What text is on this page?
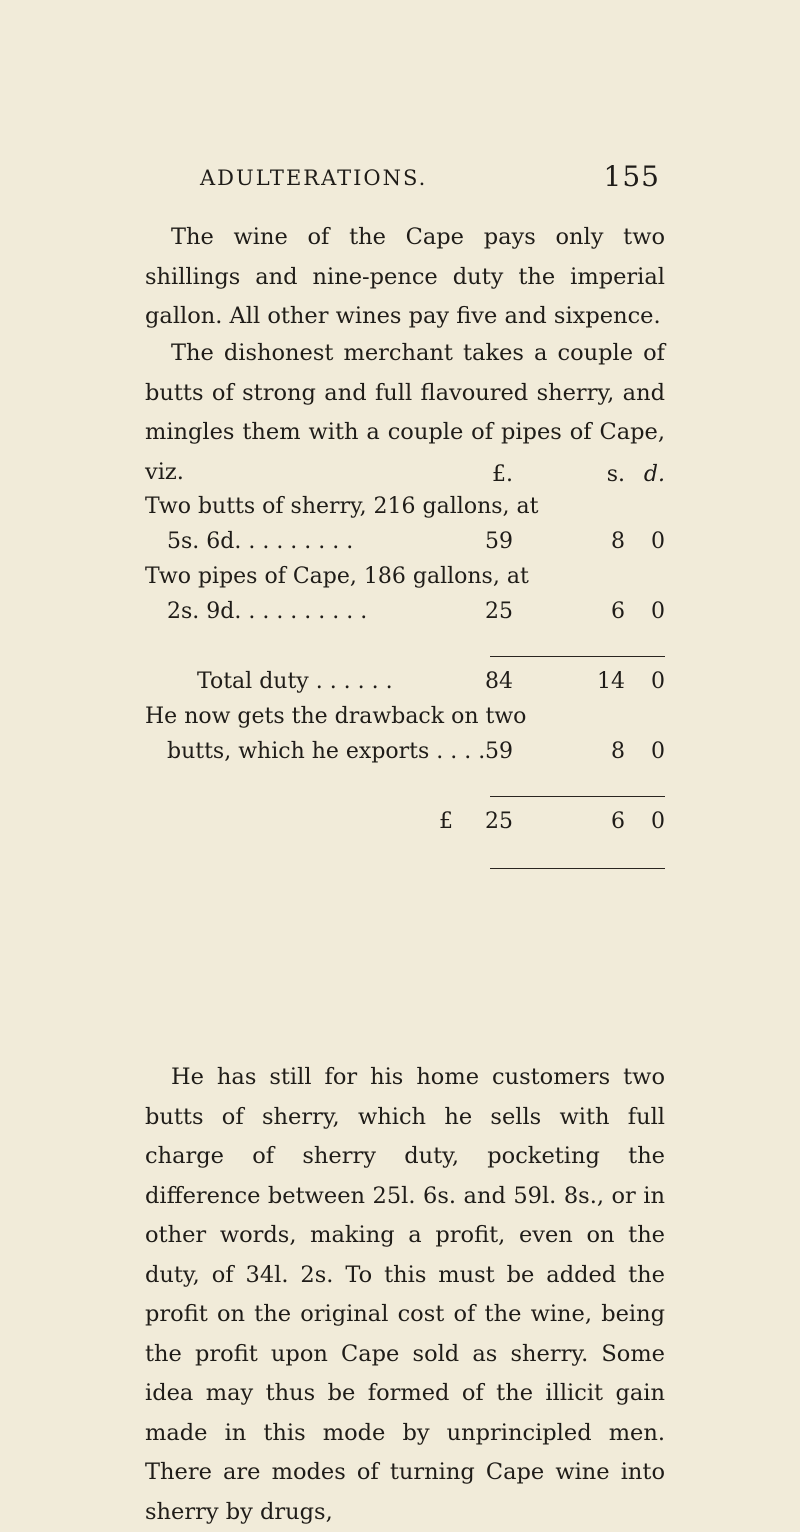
ADULTERATIONS.	155
The wine of the Cape pays only two shillings and nine-pence duty the imperial gallon. All other wines pay five and sixpence.
The dishonest merchant takes a couple of butts of strong and full flavoured sherry, and mingles them with a couple of pipes of Cape, viz.	£.	s. d.
Two butts of sherry, 216 gallons, at
5s. 6d. . . . . . . . .	59	8	0
Two pipes of Cape, 186 gallons, at
2s. 9d. . . . . . . . . .	25	6	0
Total duty . . . . . .	84	14	0
He now gets the drawback on two
butts, which he exports . . . . 59	8	0
£	25	6	0
He has still for his home customers two butts of sherry, which he sells with full charge of sherry duty, pocketing the difference between 25l. 6s. and 59l. 8s., or in other words, making a profit, even on the duty, of 34l. 2s. To this must be added the profit on the original cost of the wine, being the profit upon Cape sold as sherry. Some idea may thus be formed of the illicit gain made in this mode by unprincipled men. There are modes of turning Cape wine into sherry by drugs,
